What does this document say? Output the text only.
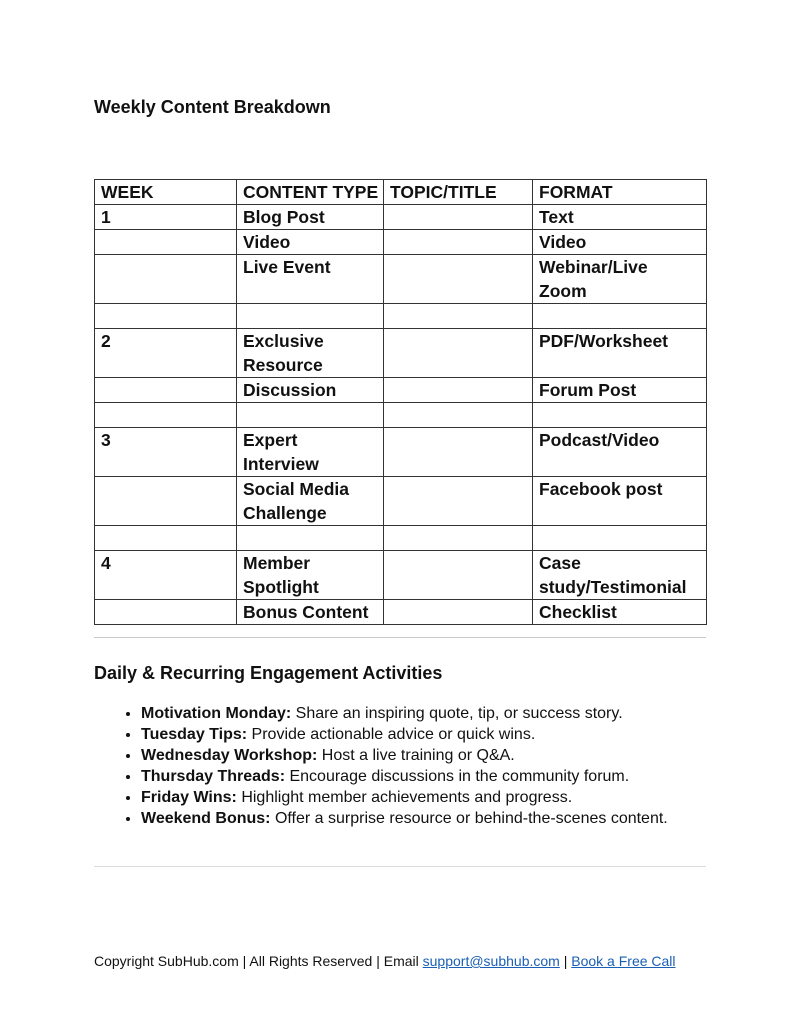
Weekly Content Breakdown
WEEK	CONTENT TYPE	TOPIC/TITLE	FORMAT
1	Blog Post		Text
	Video		Video
	Live Event		Webinar/Live Zoom

2	Exclusive Resource		PDF/Worksheet
	Discussion		Forum Post

3	Expert Interview		Podcast/Video
	Social Media Challenge		Facebook post

4	Member Spotlight		Case study/Testimonial
	Bonus Content		Checklist
Daily & Recurring Engagement Activities
• Motivation Monday: Share an inspiring quote, tip, or success story.
• Tuesday Tips: Provide actionable advice or quick wins.
• Wednesday Workshop: Host a live training or Q&A.
• Thursday Threads: Encourage discussions in the community forum.
• Friday Wins: Highlight member achievements and progress.
• Weekend Bonus: Offer a surprise resource or behind-the-scenes content.
Copyright SubHub.com | All Rights Reserved | Email support@subhub.com | Book a Free Call
